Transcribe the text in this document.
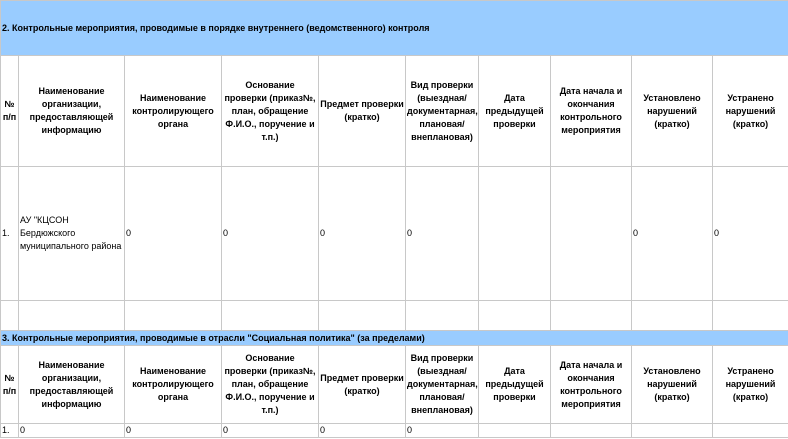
2. Контрольные мероприятия, проводимые в порядке внутреннего (ведомственного) контроля									
№ п/п	Наименование организации, предоставляющей информацию	Наименование контролирующего органа	Основание проверки (приказ№, план, обращение Ф.И.О., поручение и т.п.)	Предмет проверки (кратко)	Вид проверки (выездная/документарная, плановая/внеплановая)	Дата предыдущей проверки	Дата начала и окончания контрольного мероприятия	Установлено нарушений (кратко)	Устранено нарушений (кратко)
1.	АУ "КЦСОН Бердюжского муниципального района	0	0	0	0			0	0

3. Контрольные мероприятия, проводимые в отрасли "Социальная политика" (за пределами)									
№ п/п	Наименование организации, предоставляющей информацию	Наименование контролирующего органа	Основание проверки (приказ№, план, обращение Ф.И.О., поручение и т.п.)	Предмет проверки (кратко)	Вид проверки (выездная/документарная, плановая/внеплановая)	Дата предыдущей проверки	Дата начала и окончания контрольного мероприятия	Установлено нарушений (кратко)	Устранено нарушений (кратко)
1.	0	0	0	0	0				
